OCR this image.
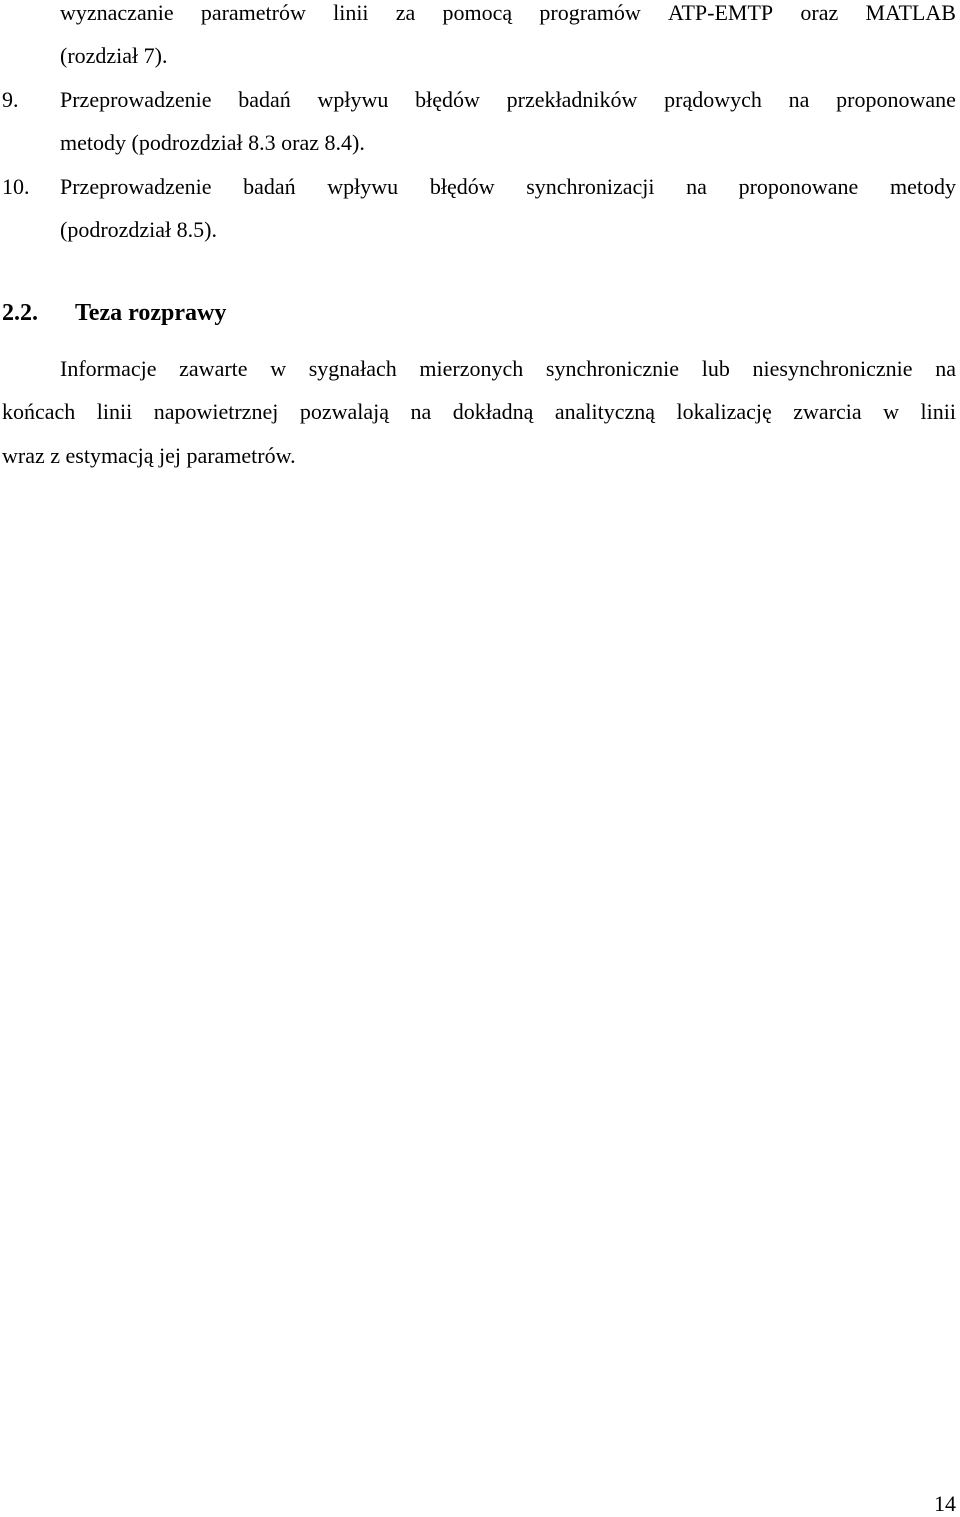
wyznaczanie parametrów linii za pomocą programów ATP-EMTP oraz MATLAB
(rozdział 7).
9. Przeprowadzenie badań wpływu błędów przekładników prądowych na proponowane
metody (podrozdział 8.3 oraz 8.4).
10. Przeprowadzenie badań wpływu błędów synchronizacji na proponowane metody
(podrozdział 8.5).
2.2. Teza rozprawy
Informacje zawarte w sygnałach mierzonych synchronicznie lub niesynchronicznie na
końcach linii napowietrznej pozwalają na dokładną analityczną lokalizację zwarcia w linii
wraz z estymacją jej parametrów.
14
